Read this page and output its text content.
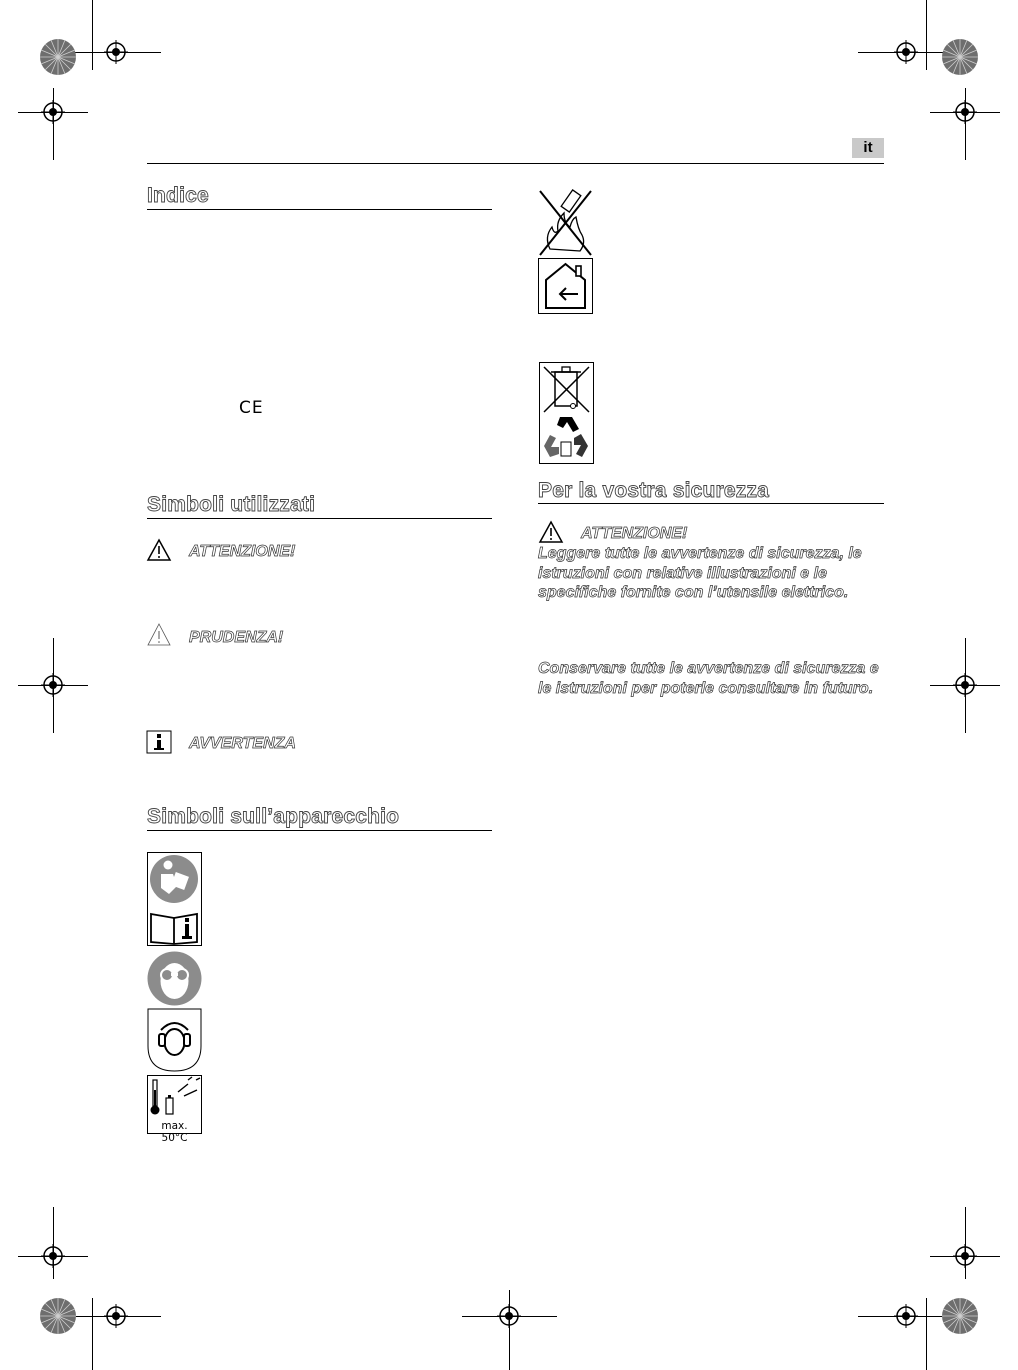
it
Indice
CE
Simboli utilizzati
ATTENZIONE!
PRUDENZA!
AVVERTENZA
Simboli sull’apparecchio
max. 50°C
Per la vostra sicurezza
ATTENZIONE!
Leggere tutte le avvertenze di sicurezza, le istruzioni con relative illustrazioni e le specifiche fornite con l’utensile elettrico.
Conservare tutte le avvertenze di sicurezza e le istruzioni per poterle consultare in futuro.
